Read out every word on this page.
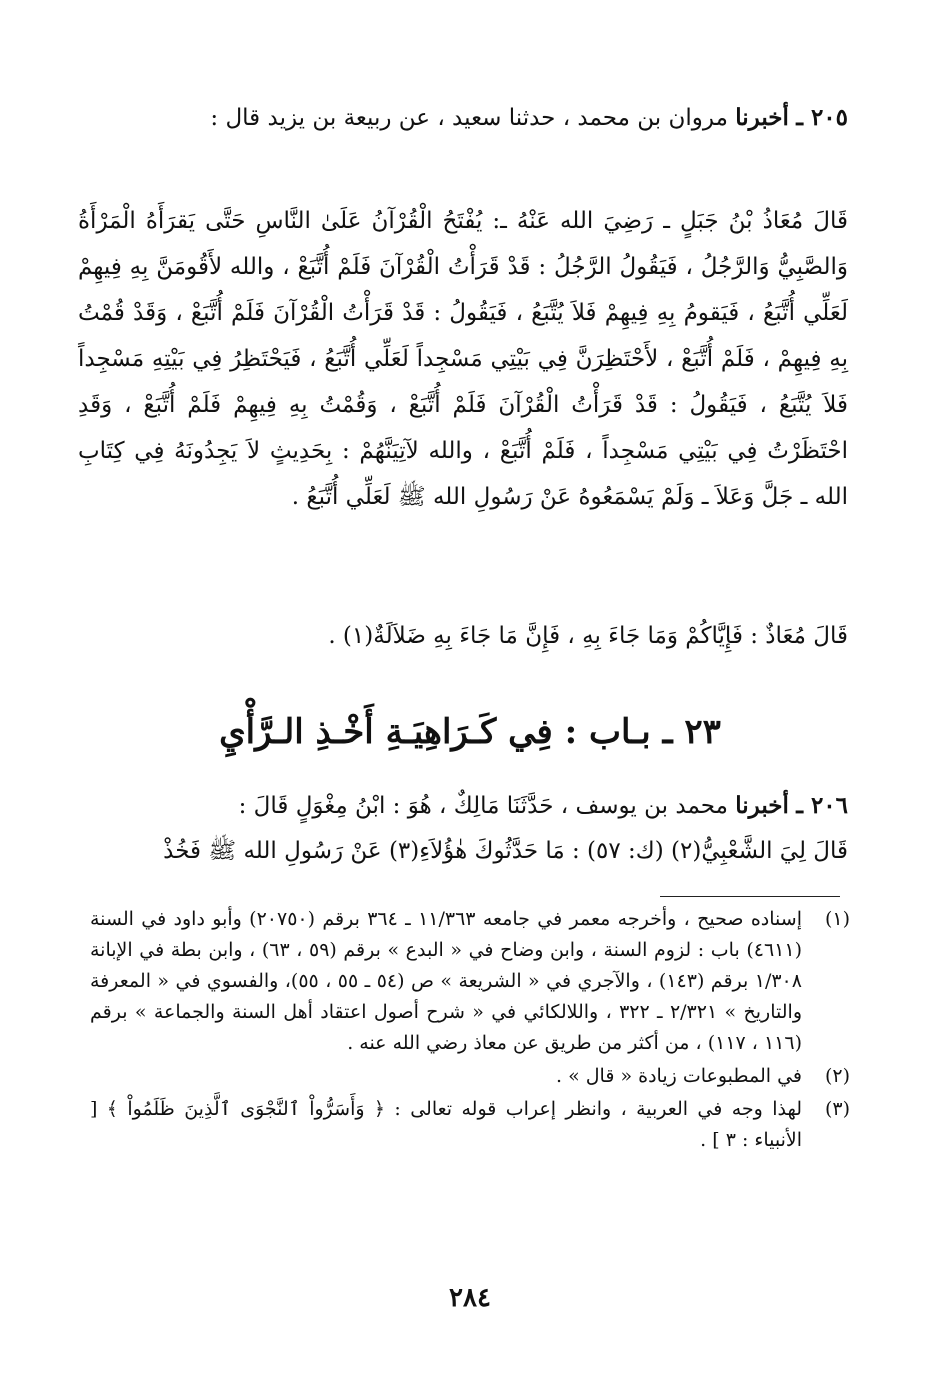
٢٠٥ ـ أخبرنا مروان بن محمد ، حدثنا سعيد ، عن ربيعة بن يزيد قال :

قَالَ مُعَاذُ بْنُ جَبَلٍ ـ رَضِيَ الله عَنْهُ ـ: يُفْتَحُ الْقُرْآنُ عَلَىٰ النَّاسِ حَتَّى يَقرَأَهُ الْمَرْأَةُ وَالصَّبِيُّ وَالرَّجُلُ ، فَيَقُولُ الرَّجُلُ : قَدْ قَرَأْتُ الْقُرْآنَ فَلَمْ أُتَّبَعْ ، والله لأَقُومَنَّ بِهِ فِيهِمْ لَعَلِّي أُتَّبَعُ ، فَيَقومُ بِهِ فِيهِمْ فَلاَ يُتَّبَعُ ، فَيَقُولُ : قَدْ قَرَأْتُ الْقُرْآنَ فَلَمْ أُتَّبَعْ ، وَقَدْ قُمْتُ بِهِ فِيهِمْ ، فَلَمْ أُتَّبَعْ ، لأَحْتَظِرَنَّ فِي بَيْتِي مَسْجِداً لَعَلِّي أُتَّبَعُ ، فَيَحْتَظِرُ فِي بَيْتِهِ مَسْجِداً فَلاَ يُتَّبَعُ ، فَيَقُولُ : قَدْ قَرَأْتُ الْقُرْآنَ فَلَمْ أُتَّبَعْ ، وَقُمْتُ بِهِ فِيهِمْ فَلَمْ أُتَّبَعْ ، وَقَدِ احْتَظَرْتُ فِي بَيْتِي مَسْجِداً ، فَلَمْ أُتَّبَعْ ، والله لآتِيَنَّهُمْ : بِحَدِيثٍ لاَ يَجِدُونَهُ فِي كِتَابِ الله ـ جَلَّ وَعَلاَ ـ وَلَمْ يَسْمَعُوهُ عَنْ رَسُولِ الله ﷺ لَعَلِّي أُتَّبَعُ .

قَالَ مُعَاذٌ : فَإِيَّاكُمْ وَمَا جَاءَ بِهِ ، فَإِنَّ مَا جَاءَ بِهِ ضَلاَلَةٌ(١) .

٢٣ ـ بـاب : فِي كَـرَاهِيَـةِ أَخْـذِ الـرَّأْيِ

٢٠٦ ـ أخبرنا محمد بن يوسف ، حَدَّثَنَا مَالِكٌ ، هُوَ : ابْنُ مِغْوَلٍ قَالَ :

قَالَ لِيَ الشَّعْبِيُّ(٢) (ك: ٥٧) : مَا حَدَّثُوكَ هٰؤُلاَءِ(٣) عَنْ رَسُولِ الله ﷺ فَخُذْ

(١)
إسناده صحيح ، وأخرجه معمر في جامعه ١١/٣٦٣ ـ ٣٦٤ برقم (٢٠٧٥٠) وأبو داود في السنة (٤٦١١) باب : لزوم السنة ، وابن وضاح في « البدع » برقم (٥٩ ، ٦٣) ، وابن بطة في الإبانة ١/٣٠٨ برقم (١٤٣) ، والآجري في « الشريعة » ص (٥٤ ـ ٥٥ ، ٥٥)، والفسوي في « المعرفة والتاريخ » ٢/٣٢١ ـ ٣٢٢ ، واللالكائي في « شرح أصول اعتقاد أهل السنة والجماعة » برقم (١١٦ ، ١١٧) ، من أكثر من طريق عن معاذ رضي الله عنه .
(٢)
في المطبوعات زيادة « قال » .
(٣)
لهذا وجه في العربية ، وانظر إعراب قوله تعالى : ﴿ وَأَسَرُّواْ ٱلنَّجْوَى ٱلَّذِينَ ظَلَمُواْ ﴾ [ الأنبياء : ٣ ] .
٢٨٤
